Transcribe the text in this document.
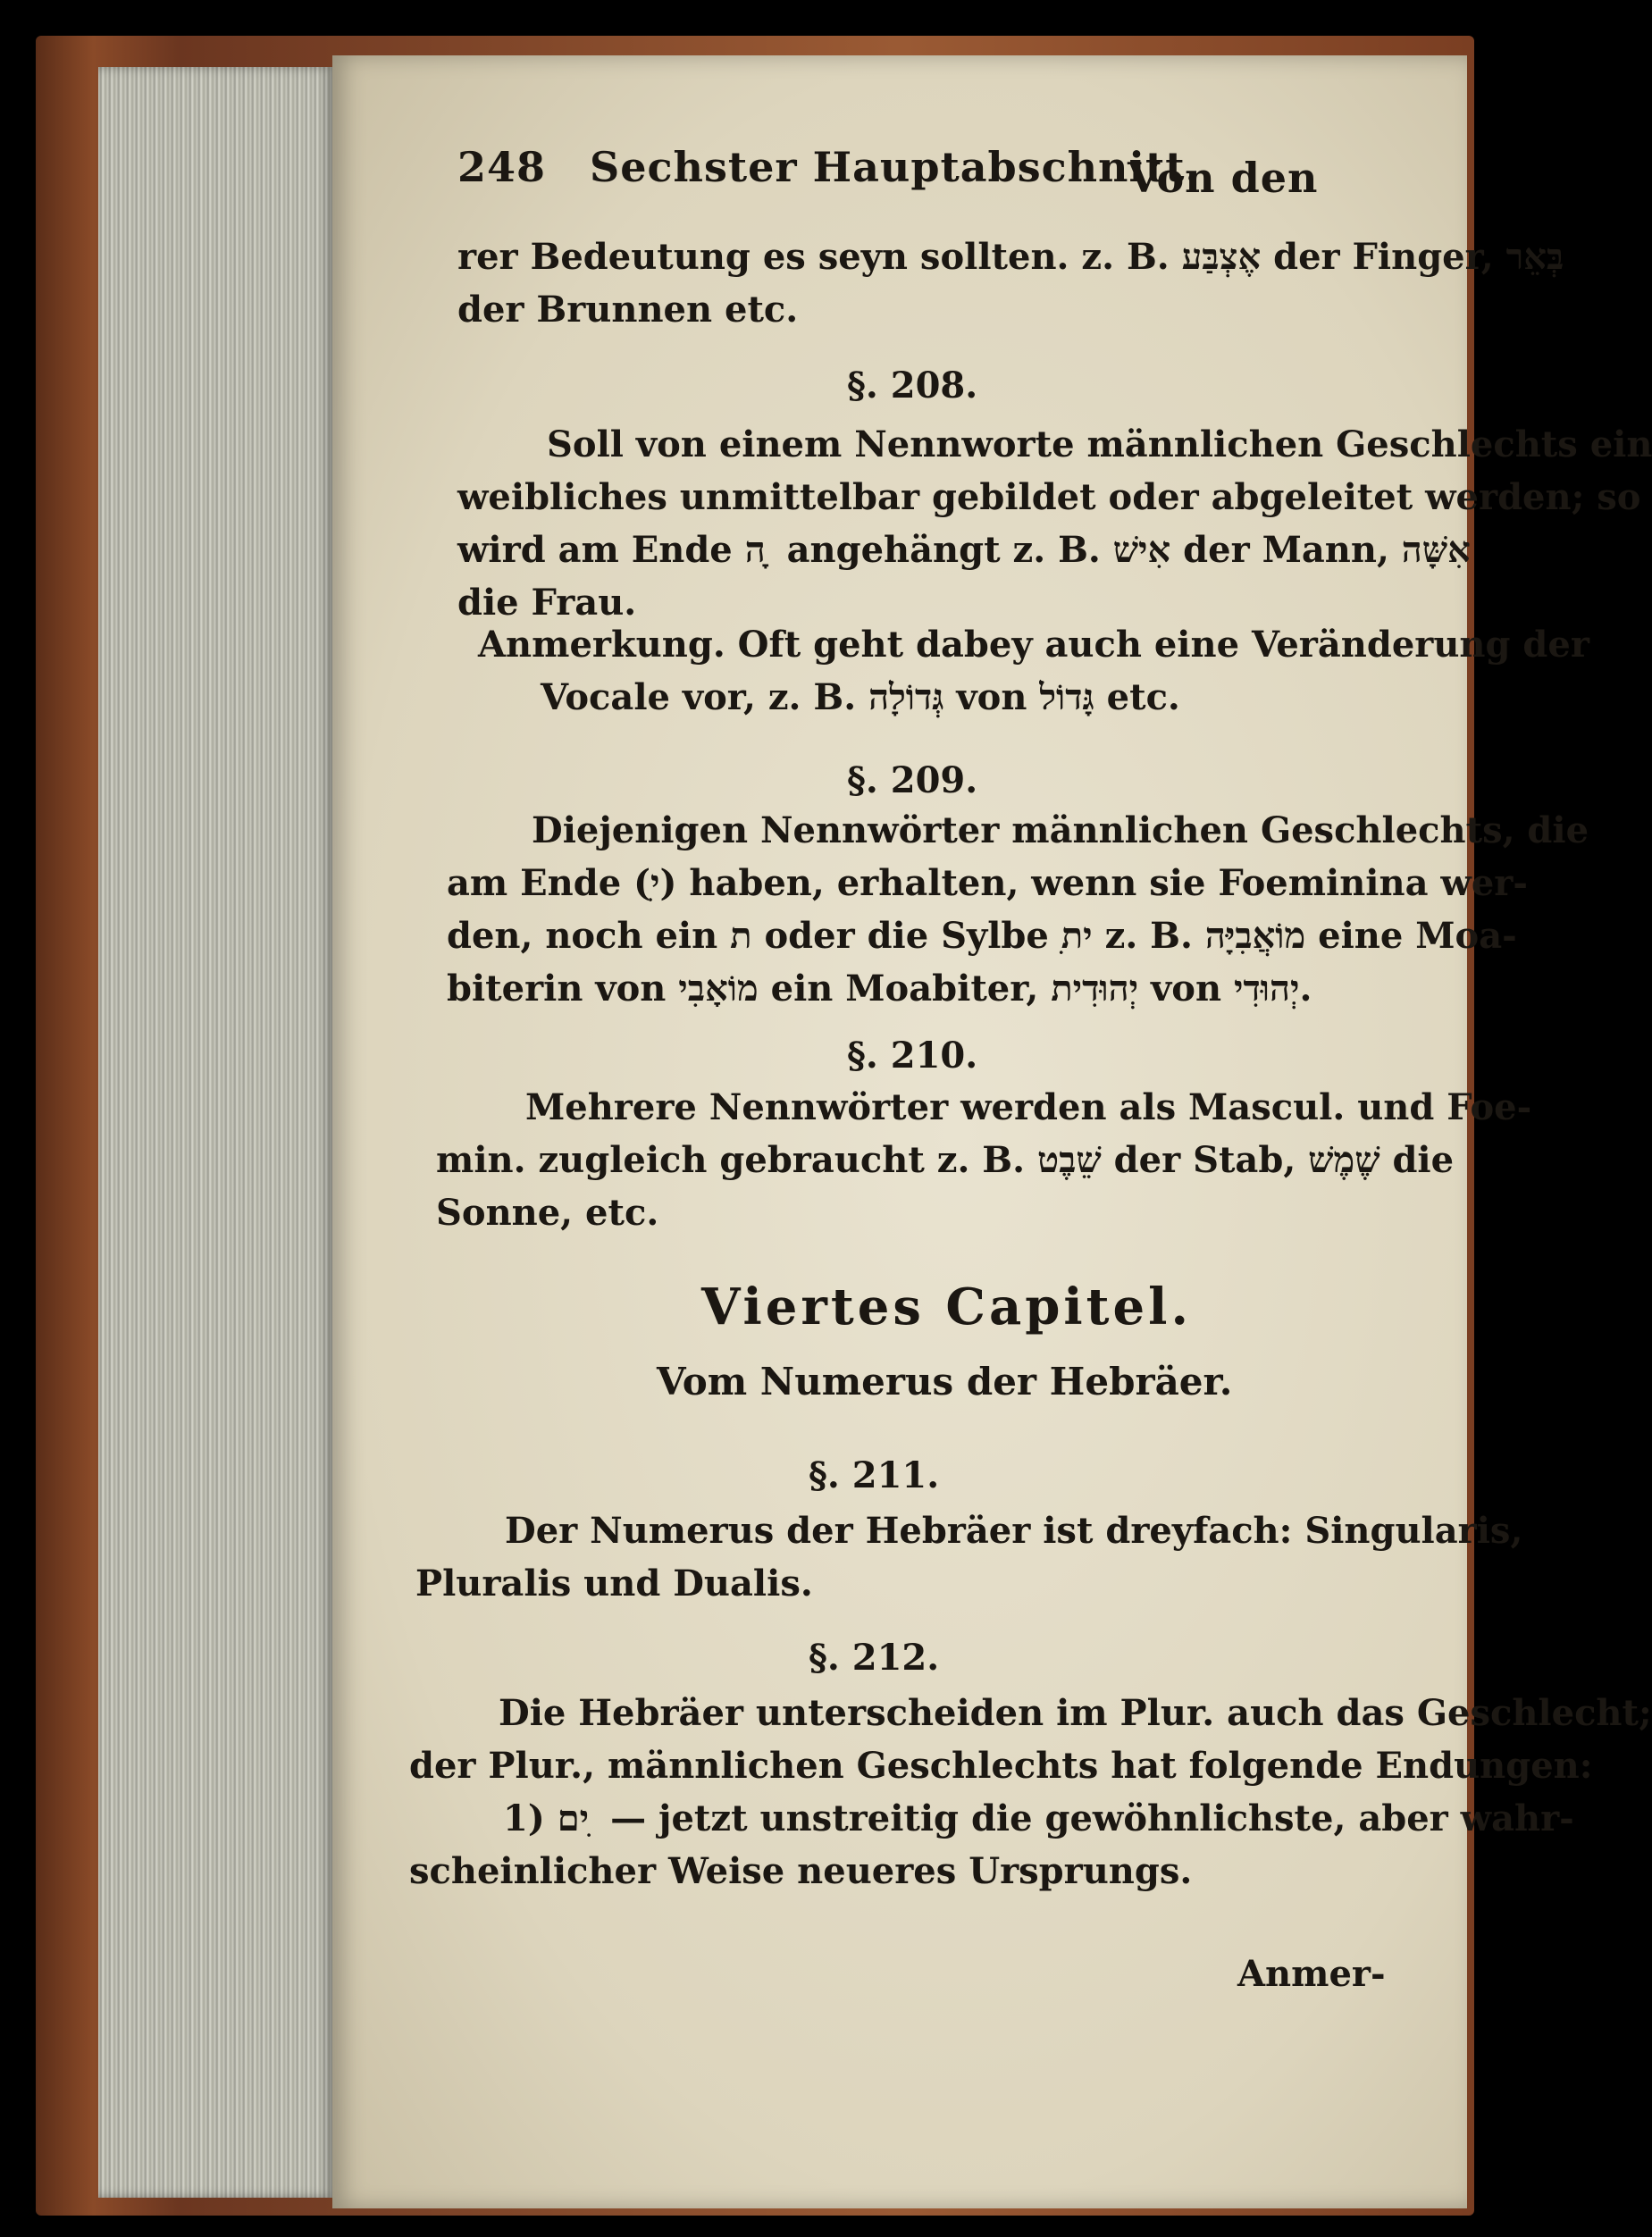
248 Sechster Hauptabschnitt.
Von den
rer Bedeutung es seyn sollten. z. B. אֶצְבַּע der Finger, בְּאֵר
der Brunnen etc.
§. 208.
Soll von einem Nennworte männlichen Geschlechts ein
weibliches unmittelbar gebildet oder abgeleitet werden; so
wird am Ende ה ָ angehängt z. B. אִישׁ der Mann, אִשָּׁה
die Frau.
Anmerkung. Oft geht dabey auch eine Veränderung der
Vocale vor, z. B. גְּדוֹלָה von גָּדוֹל etc.
§. 209.
Diejenigen Nennwörter männlichen Geschlechts, die
am Ende (ִי) haben, erhalten, wenn sie Foeminina wer-
den, noch ein ת oder die Sylbe ִית z. B. מוֹאֲבִיָּה eine Moa-
biterin von מוֹאָבִי ein Moabiter, יְהוּדִית von יְהוּדִי.
§. 210.
Mehrere Nennwörter werden als Mascul. und Foe-
min. zugleich gebraucht z. B. שֵׁבֶט der Stab, שֶׁמֶשׁ die
Sonne, etc.
Viertes Capitel.
Vom Numerus der Hebräer.
§. 211.
Der Numerus der Hebräer ist dreyfach: Singularis,
Pluralis und Dualis.
§. 212.
Die Hebräer unterscheiden im Plur. auch das Geschlecht;
der Plur., männlichen Geschlechts hat folgende Endungen:
1) ים ִ — jetzt unstreitig die gewöhnlichste, aber wahr-
scheinlicher Weise neueres Ursprungs.
Anmer-
